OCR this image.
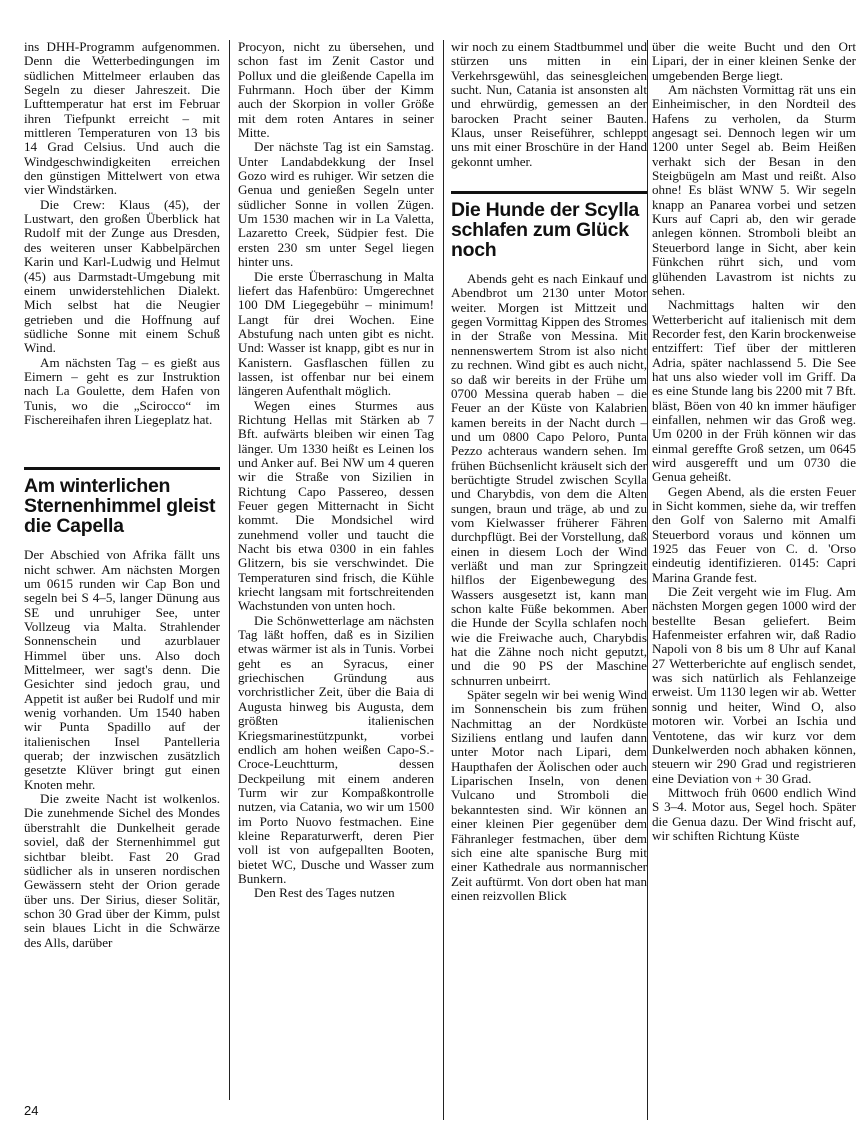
ins DHH-Programm aufgenommen. Denn die Wetterbedingungen im südlichen Mittelmeer erlauben das Segeln zu dieser Jahreszeit. Die Lufttemperatur hat erst im Februar ihren Tiefpunkt erreicht – mit mittleren Temperaturen von 13 bis 14 Grad Celsius. Und auch die Windgeschwindigkeiten erreichen den günstigen Mittelwert von etwa vier Windstärken.

Die Crew: Klaus (45), der Lustwart, den großen Überblick hat Rudolf mit der Zunge aus Dresden, des weiteren unser Kabbelpärchen Karin und Karl-Ludwig und Helmut (45) aus Darmstadt-Umgebung mit einem unwiderstehlichen Dialekt. Mich selbst hat die Neugier getrieben und die Hoffnung auf südliche Sonne mit einem Schuß Wind.

Am nächsten Tag – es gießt aus Eimern – geht es zur Instruktion nach La Goulette, dem Hafen von Tunis, wo die „Scirocco“ im Fischereihafen ihren Liegeplatz hat.

Am winterlichen Sternenhimmel gleist die Capella

Der Abschied von Afrika fällt uns nicht schwer. Am nächsten Morgen um 0615 runden wir Cap Bon und segeln bei S 4–5, langer Dünung aus SE und unruhiger See, unter Vollzeug via Malta. Strahlender Sonnenschein und azurblauer Himmel über uns. Also doch Mittelmeer, wer sagt's denn. Die Gesichter sind jedoch grau, und Appetit ist außer bei Rudolf und mir wenig vorhanden. Um 1540 haben wir Punta Spadillo auf der italienischen Insel Pantelleria querab; der inzwischen zusätzlich gesetzte Klüver bringt gut einen Knoten mehr.

Die zweite Nacht ist wolkenlos. Die zunehmende Sichel des Mondes überstrahlt die Dunkelheit gerade soviel, daß der Sternenhimmel gut sichtbar bleibt. Fast 20 Grad südlicher als in unseren nordischen Gewässern steht der Orion gerade über uns. Der Sirius, dieser Solitär, schon 30 Grad über der Kimm, pulst sein blaues Licht in die Schwärze des Alls, darüber

Procyon, nicht zu übersehen, und schon fast im Zenit Castor und Pollux und die gleißende Capella im Fuhrmann. Hoch über der Kimm auch der Skorpion in voller Größe mit dem roten Antares in seiner Mitte.

Der nächste Tag ist ein Samstag. Unter Landabdekkung der Insel Gozo wird es ruhiger. Wir setzen die Genua und genießen Segeln unter südlicher Sonne in vollen Zügen. Um 1530 machen wir in La Valetta, Lazaretto Creek, Südpier fest. Die ersten 230 sm unter Segel liegen hinter uns.

Die erste Überraschung in Malta liefert das Hafenbüro: Umgerechnet 100 DM Liegegebühr – minimum! Langt für drei Wochen. Eine Abstufung nach unten gibt es nicht. Und: Wasser ist knapp, gibt es nur in Kanistern. Gasflaschen füllen zu lassen, ist offenbar nur bei einem längeren Aufenthalt möglich.

Wegen eines Sturmes aus Richtung Hellas mit Stärken ab 7 Bft. aufwärts bleiben wir einen Tag länger. Um 1330 heißt es Leinen los und Anker auf. Bei NW um 4 queren wir die Straße von Sizilien in Richtung Capo Passereo, dessen Feuer gegen Mitternacht in Sicht kommt. Die Mondsichel wird zunehmend voller und taucht die Nacht bis etwa 0300 in ein fahles Glitzern, bis sie verschwindet. Die Temperaturen sind frisch, die Kühle kriecht langsam mit fortschreitenden Wachstunden von unten hoch.

Die Schönwetterlage am nächsten Tag läßt hoffen, daß es in Sizilien etwas wärmer ist als in Tunis. Vorbei geht es an Syracus, einer griechischen Gründung aus vorchristlicher Zeit, über die Baia di Augusta hinweg bis Augusta, dem größten italienischen Kriegsmarinestützpunkt, vorbei endlich am hohen weißen Capo-S.-Croce-Leuchtturm, dessen Deckpeilung mit einem anderen Turm wir zur Kompaßkontrolle nutzen, via Catania, wo wir um 1500 im Porto Nuovo festmachen. Eine kleine Reparaturwerft, deren Pier voll ist von aufgepallten Booten, bietet WC, Dusche und Wasser zum Bunkern.

Den Rest des Tages nutzen

wir noch zu einem Stadtbummel und stürzen uns mitten in ein Verkehrsgewühl, das seinesgleichen sucht. Nun, Catania ist ansonsten alt und ehrwürdig, gemessen an der barocken Pracht seiner Bauten. Klaus, unser Reiseführer, schleppt uns mit einer Broschüre in der Hand gekonnt umher.

Die Hunde der Scylla schlafen zum Glück noch

Abends geht es nach Einkauf und Abendbrot um 2130 unter Motor weiter. Morgen ist Mittzeit und gegen Vormittag Kippen des Stromes in der Straße von Messina. Mit nennenswertem Strom ist also nicht zu rechnen. Wind gibt es auch nicht, so daß wir bereits in der Frühe um 0700 Messina querab haben – die Feuer an der Küste von Kalabrien kamen bereits in der Nacht durch – und um 0800 Capo Peloro, Punta Pezzo achteraus wandern sehen. Im frühen Büchsenlicht kräuselt sich der berüchtigte Strudel zwischen Scylla und Charybdis, von dem die Alten sungen, braun und träge, ab und zu vom Kielwasser früherer Fähren durchpflügt. Bei der Vorstellung, daß einen in diesem Loch der Wind verläßt und man zur Springzeit hilflos der Eigenbewegung des Wassers ausgesetzt ist, kann man schon kalte Füße bekommen. Aber die Hunde der Scylla schlafen noch wie die Freiwache auch, Charybdis hat die Zähne noch nicht geputzt, und die 90 PS der Maschine schnurren unbeirrt.

Später segeln wir bei wenig Wind im Sonnenschein bis zum frühen Nachmittag an der Nordküste Siziliens entlang und laufen dann unter Motor nach Lipari, dem Haupthafen der Äolischen oder auch Liparischen Inseln, von denen Vulcano und Stromboli die bekanntesten sind. Wir können an einer kleinen Pier gegenüber dem Fähranleger festmachen, über dem sich eine alte spanische Burg mit einer Kathedrale aus normannischer Zeit auftürmt. Von dort oben hat man einen reizvollen Blick

über die weite Bucht und den Ort Lipari, der in einer kleinen Senke der umgebenden Berge liegt.

Am nächsten Vormittag rät uns ein Einheimischer, in den Nordteil des Hafens zu verholen, da Sturm angesagt sei. Dennoch legen wir um 1200 unter Segel ab. Beim Heißen verhakt sich der Besan in den Steigbügeln am Mast und reißt. Also ohne! Es bläst WNW 5. Wir segeln knapp an Panarea vorbei und setzen Kurs auf Capri ab, den wir gerade anlegen können. Stromboli bleibt an Steuerbord lange in Sicht, aber kein Fünkchen rührt sich, und vom glühenden Lavastrom ist nichts zu sehen.

Nachmittags halten wir den Wetterbericht auf italienisch mit dem Recorder fest, den Karin brockenweise entziffert: Tief über der mittleren Adria, später nachlassend 5. Die See hat uns also wieder voll im Griff. Da es eine Stunde lang bis 2200 mit 7 Bft. bläst, Böen von 40 kn immer häufiger einfallen, nehmen wir das Groß weg. Um 0200 in der Früh können wir das einmal gereffte Groß setzen, um 0645 wird ausgerefft und um 0730 die Genua geheißt.

Gegen Abend, als die ersten Feuer in Sicht kommen, siehe da, wir treffen den Golf von Salerno mit Amalfi Steuerbord voraus und können um 1925 das Feuer von C. d. 'Orso eindeutig identifizieren. 0145: Capri Marina Grande fest.

Die Zeit vergeht wie im Flug. Am nächsten Morgen gegen 1000 wird der bestellte Besan geliefert. Beim Hafenmeister erfahren wir, daß Radio Napoli von 8 bis um 8 Uhr auf Kanal 27 Wetterberichte auf englisch sendet, was sich natürlich als Fehlanzeige erweist. Um 1130 legen wir ab. Wetter sonnig und heiter, Wind O, also motoren wir. Vorbei an Ischia und Ventotene, das wir kurz vor dem Dunkelwerden noch abhaken können, steuern wir 290 Grad und registrieren eine Deviation von + 30 Grad.

Mittwoch früh 0600 endlich Wind S 3–4. Motor aus, Segel hoch. Später die Genua dazu. Der Wind frischt auf, wir schiften Richtung Küste

24
